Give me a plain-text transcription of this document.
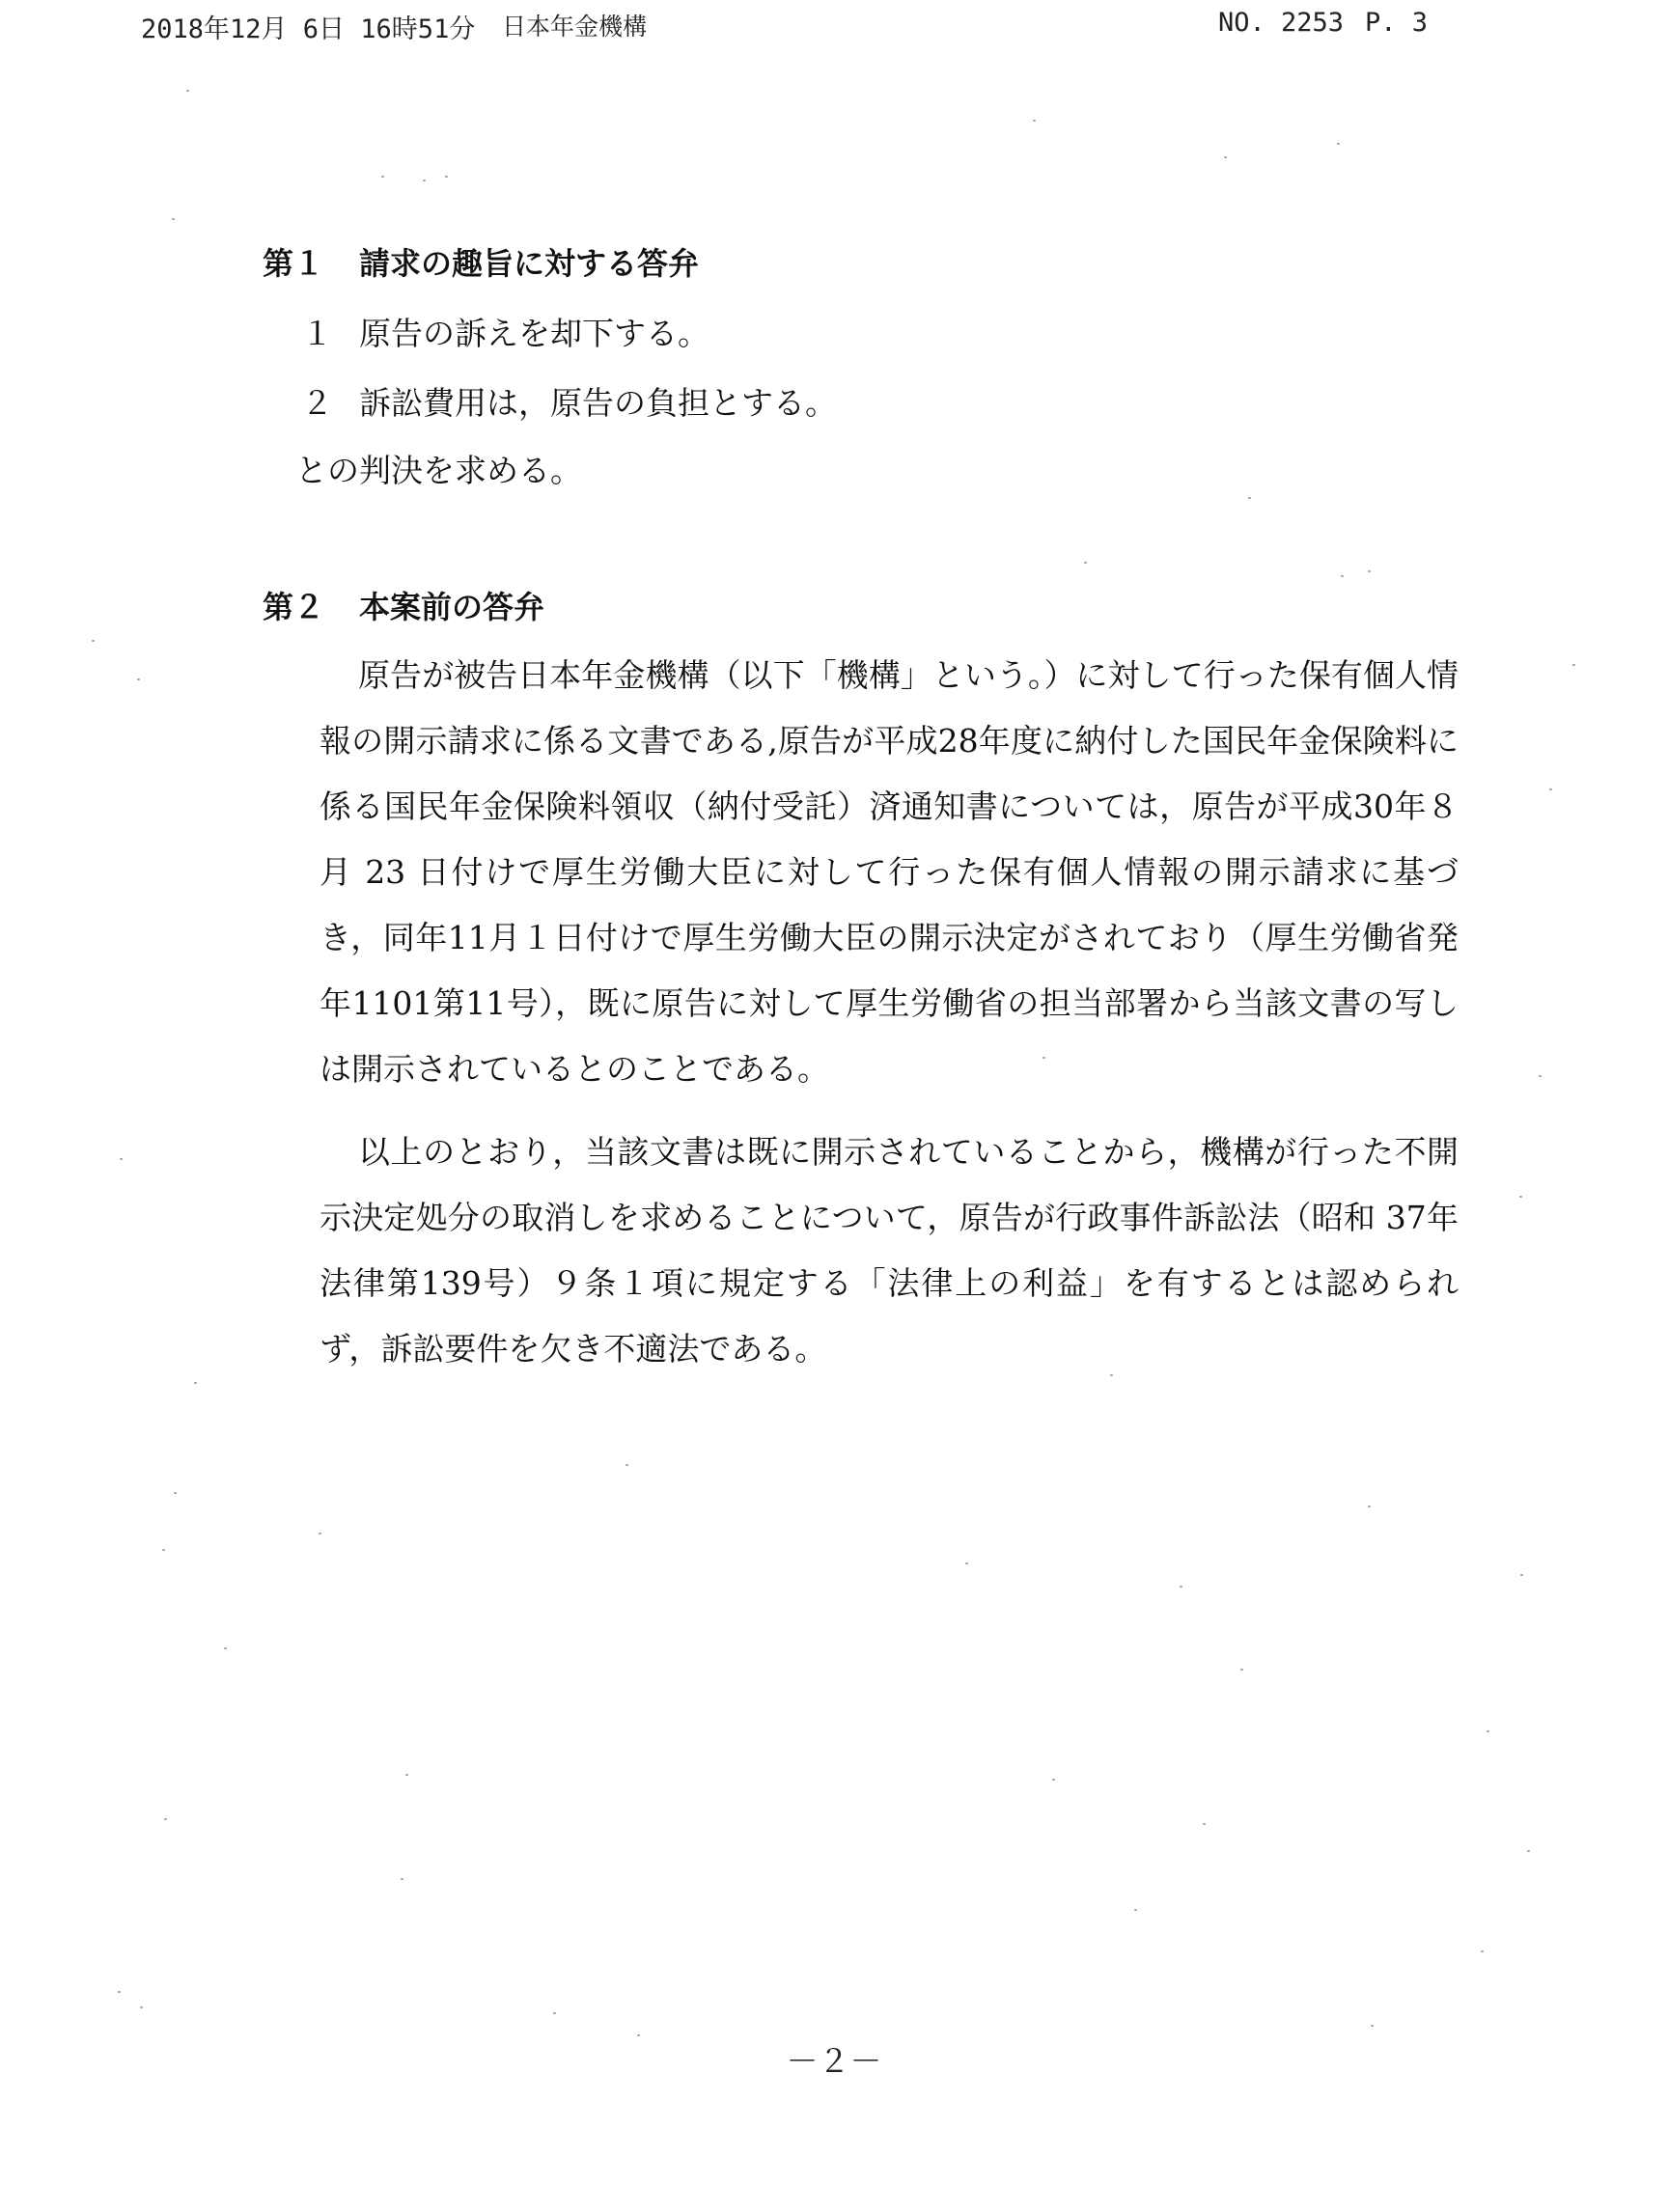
2018年12月 6日 16時51分 日本年金機構	NO. 2253 P. 3
第１ 請求の趣旨に対する答弁
１ 原告の訴えを却下する。
２ 訴訟費用は，原告の負担とする。
との判決を求める。
第２ 本案前の答弁
原告が被告日本年金機構（以下「機構」という。）に対して行った保有個人情報の開示請求に係る文書である,原告が平成28年度に納付した国民年金保険料に係る国民年金保険料領収（納付受託）済通知書については，原告が平成30年８月 23 日付けで厚生労働大臣に対して行った保有個人情報の開示請求に基づき，同年11月１日付けで厚生労働大臣の開示決定がされており（厚生労働省発年1101第11号），既に原告に対して厚生労働省の担当部署から当該文書の写しは開示されているとのことである。
以上のとおり，当該文書は既に開示されていることから，機構が行った不開示決定処分の取消しを求めることについて，原告が行政事件訴訟法（昭和 37年法律第139号）９条１項に規定する「法律上の利益」を有するとは認められず，訴訟要件を欠き不適法である。
－２－
